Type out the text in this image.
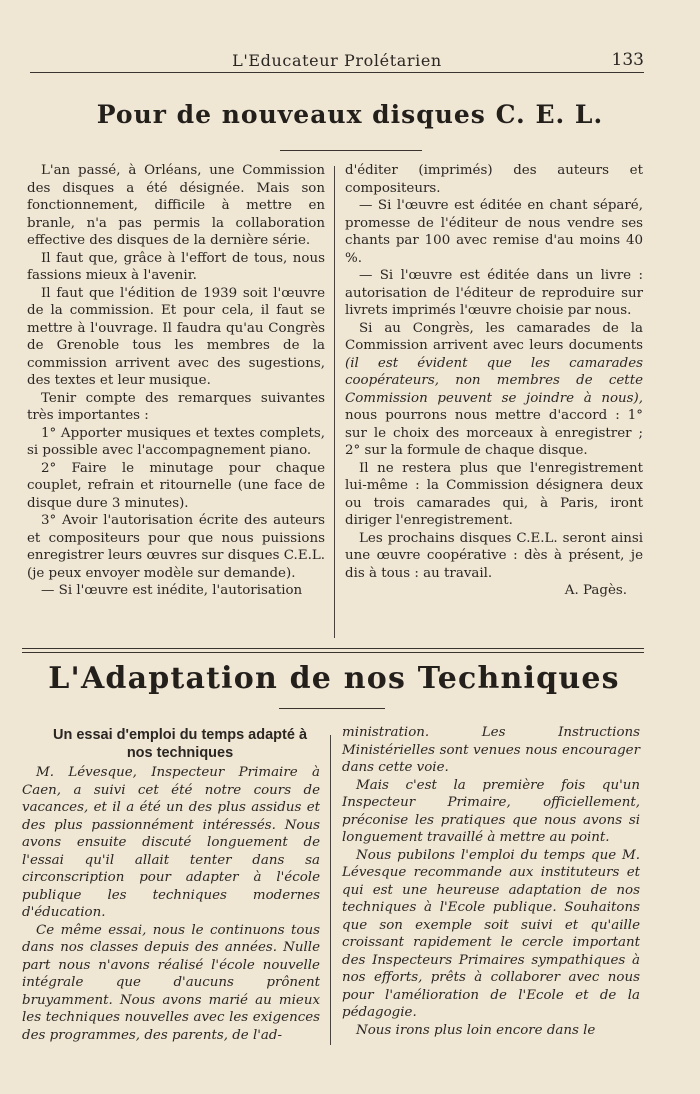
L'Educateur Prolétarien	133
Pour de nouveaux disques C. E. L.

L'an passé, à Orléans, une Commission des disques a été désignée. Mais son fonctionnement, difficile à mettre en branle, n'a pas permis la collaboration effective des disques de la dernière série.

Il faut que, grâce à l'effort de tous, nous fassions mieux à l'avenir.

Il faut que l'édition de 1939 soit l'œuvre de la commission. Et pour cela, il faut se mettre à l'ouvrage. Il faudra qu'au Congrès de Grenoble tous les membres de la commission arrivent avec des sugestions, des textes et leur musique.

Tenir compte des remarques suivantes très importantes :

1° Apporter musiques et textes complets, si possible avec l'accompagnement piano.

2° Faire le minutage pour chaque couplet, refrain et ritournelle (une face de disque dure 3 minutes).

3° Avoir l'autorisation écrite des auteurs et compositeurs pour que nous puissions enregistrer leurs œuvres sur disques C.E.L. (je peux envoyer modèle sur demande).

— Si l'œuvre est inédite, l'autorisation

d'éditer (imprimés) des auteurs et compositeurs.

— Si l'œuvre est éditée en chant séparé, promesse de l'éditeur de nous vendre ses chants par 100 avec remise d'au moins 40 %.

— Si l'œuvre est éditée dans un livre : autorisation de l'éditeur de reproduire sur livrets imprimés l'œuvre choisie par nous.

Si au Congrès, les camarades de la Commission arrivent avec leurs documents (il est évident que les camarades coopérateurs, non membres de cette Commission peuvent se joindre à nous), nous pourrons nous mettre d'accord : 1° sur le choix des morceaux à enregistrer ; 2° sur la formule de chaque disque.

Il ne restera plus que l'enregistrement lui-même : la Commission désignera deux ou trois camarades qui, à Paris, iront diriger l'enregistrement.

Les prochains disques C.E.L. seront ainsi une œuvre coopérative : dès à présent, je dis à tous : au travail.

A. Pagès.

L'Adaptation de nos Techniques
Un essai d'emploi du temps adapté à nos techniques

M. Lévesque, Inspecteur Primaire à Caen, a suivi cet été notre cours de vacances, et il a été un des plus assidus et des plus passionnément intéressés. Nous avons ensuite discuté longuement de l'essai qu'il allait tenter dans sa circonscription pour adapter à l'école publique les techniques modernes d'éducation.

Ce même essai, nous le continuons tous dans nos classes depuis des années. Nulle part nous n'avons réalisé l'école nouvelle intégrale que d'aucuns prônent bruyamment. Nous avons marié au mieux les techniques nouvelles avec les exigences des programmes, des parents, de l'ad-

ministration. Les Instructions Ministérielles sont venues nous encourager dans cette voie.

Mais c'est la première fois qu'un Inspecteur Primaire, officiellement, préconise les pratiques que nous avons si longuement travaillé à mettre au point.

Nous pubilons l'emploi du temps que M. Lévesque recommande aux instituteurs et qui est une heureuse adaptation de nos techniques à l'Ecole publique. Souhaitons que son exemple soit suivi et qu'aille croissant rapidement le cercle important des Inspecteurs Primaires sympathiques à nos efforts, prêts à collaborer avec nous pour l'amélioration de l'Ecole et de la pédagogie.

Nous irons plus loin encore dans le
